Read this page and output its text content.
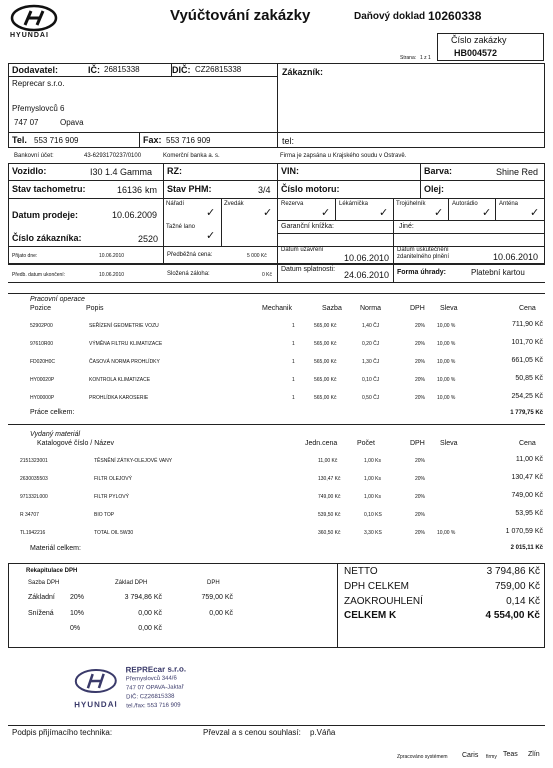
HYUNDAI
Vyúčtování zakázky	Daňový doklad 10260338
Strana: 1 z 1
Číslo zakázky
HB004572
Dodavatel:	IČ: 26815338	DIČ: CZ26815338
Reprecar s.r.o.
Přemyslovců 6
747 07	Opava
Tel. 553 716 909	Fax: 553 716 909
Zákazník:
tel:
Bankovní účet:	43-6293170237/0100	Komerční banka a. s.	Firma je zapsána u Krajského soudu v Ostravě.
Vozidlo:	I30 1.4 Gamma RZ:	VIN:	Barva:	Shine Red
Stav tachometru:	16136 km Stav PHM:	3/4 Číslo motoru:	Olej:
Datum prodeje:	10.06.2009
Nářadí
✓
Zvedák
✓
Rezerva
✓
Lékárnička
✓
Trojúhelník
✓
Autorádio
✓
Anténa
✓
Číslo zákazníka:	2520
Tažné lano
✓
Garanční knížka:	Jiné:
Přijato dne:	10.06.2010	Předběžná cena:	5 000 Kč
Předb. datum ukončení:	10.06.2010	Složená záloha:	0 Kč
Datum uzavření
10.06.2010
Datum splatnosti:
24.06.2010
Datum uskutečnění zdanitelného plnění	10.06.2010
Forma úhrady:	Platební kartou
Pracovní operace
Pozice	Popis	Mechanik	Sazba	Norma	DPH Sleva	Cena
52902P00	SEŘÍZENÍ GEOMETRIE VOZU	1	565,00 Kč	1,40 ČJ	20% 10,00 %	711,90 Kč
97610R00	VÝMĚNA FILTRU KLIMATIZACE	1	565,00 Kč	0,20 ČJ	20% 10,00 %	101,70 Kč
FD020H0C	ČASOVÁ NORMA PROHLÍDKY	1	565,00 Kč	1,30 ČJ	20% 10,00 %	661,05 Kč
HY00020P	KONTROLA KLIMATIZACE	1	565,00 Kč	0,10 ČJ	20% 10,00 %	50,85 Kč
HY00000P	PROHLÍDKA KAROSERIE	1	565,00 Kč	0,50 ČJ	20% 10,00 %	254,25 Kč
Práce celkem:	1 779,75 Kč
Vydaný materiál
Katalogové číslo / Název	Jedn.cena	Počet	DPH Sleva	Cena
2151323001	TĚSNĚNÍ ZÁTKY-OLEJOVÉ VANY	11,00 Kč	1,00 Ks	20%	11,00 Kč
2630035503	FILTR OLEJOVÝ	130,47 Kč	1,00 Ks	20%	130,47 Kč
971332L000	FILTR PYLOVÝ	749,00 Kč	1,00 Ks	20%	749,00 Kč
R 34707	BIO TOP	539,50 Kč	0,10 KS	20%	53,95 Kč
TL1942216	TOTAL OIL 5W30	360,50 Kč	3,30 KS	20% 10,00 %	1 070,59 Kč
Materiál celkem:	2 015,11 Kč
Rekapitulace DPH
Sazba DPH	Základ DPH	DPH
Základní 20%	3 794,86 Kč	759,00 Kč
Snížená 10%	0,00 Kč	0,00 Kč
0%	0,00 Kč
NETTO	3 794,86 Kč
DPH CELKEM	759,00 Kč
ZAOKROUHLENÍ	0,14 Kč
CELKEM K	4 554,00 Kč
HYUNDAI
REPREcar s.r.o.
Přemyslovců 344/6
747 07 OPAVA-Jaktař
DIČ: CZ26815338
tel./fax: 553 716 909
Podpis přijímacího technika:	Převzal a s cenou souhlasí: p.Váňa
Zpracováno systémem Caris firmy Teas Zlín
